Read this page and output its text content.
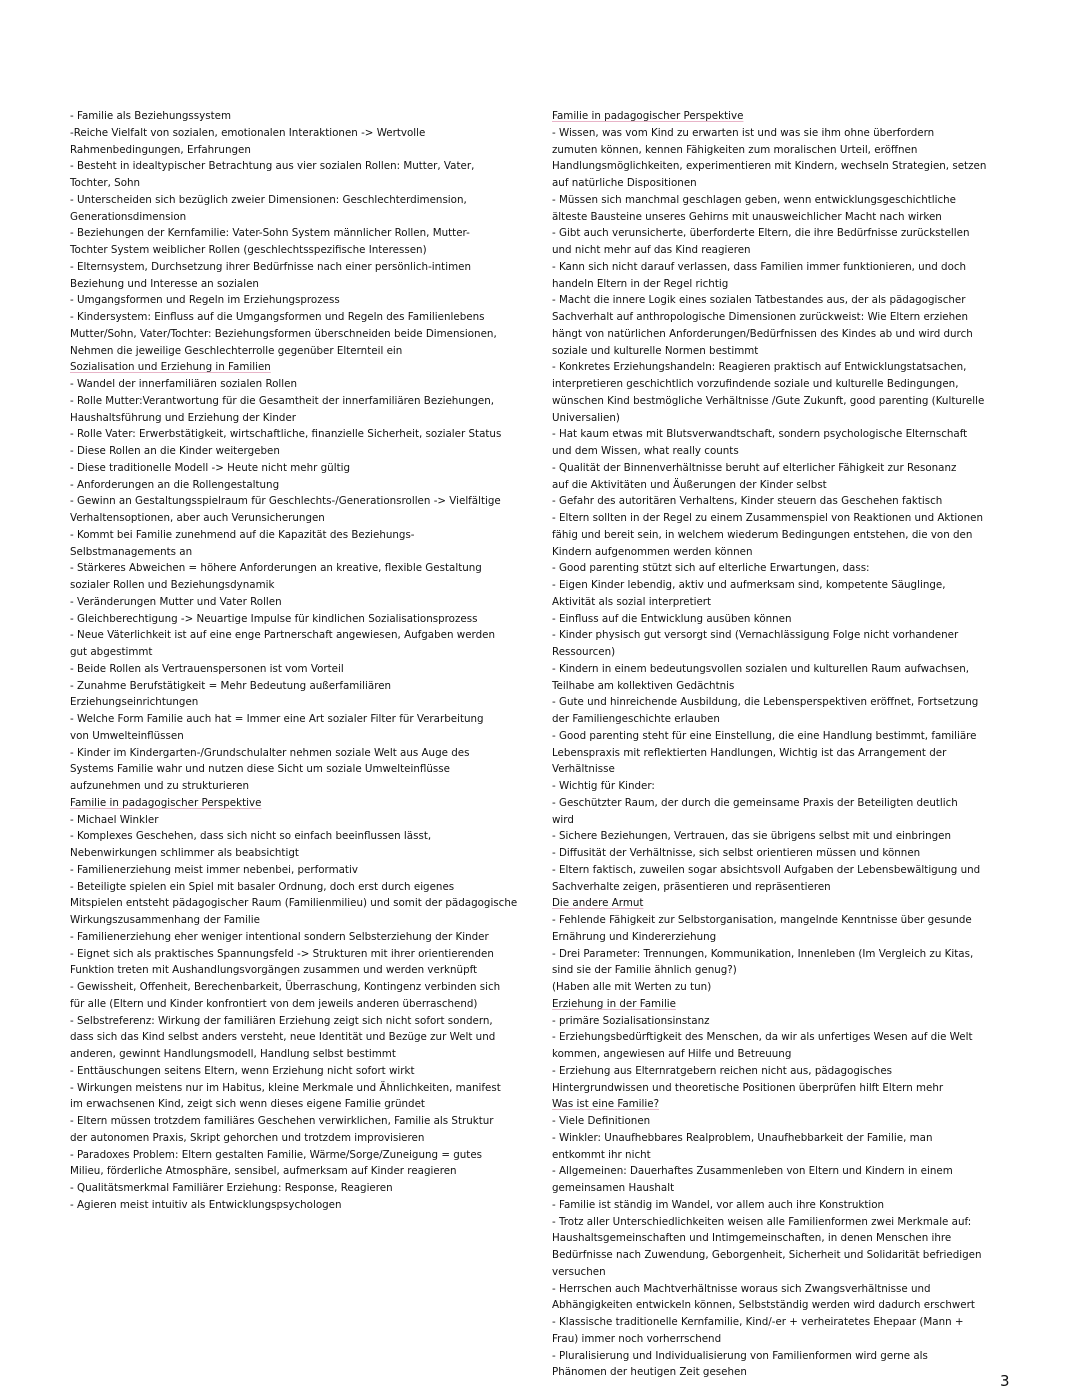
- Familie als Beziehungssystem
-Reiche Vielfalt von sozialen, emotionalen Interaktionen -> Wertvolle
Rahmenbedingungen, Erfahrungen
- Besteht in idealtypischer Betrachtung aus vier sozialen Rollen: Mutter, Vater,
Tochter, Sohn
- Unterscheiden sich bezüglich zweier Dimensionen: Geschlechterdimension,
Generationsdimension
- Beziehungen der Kernfamilie: Vater-Sohn System männlicher Rollen, Mutter-
Tochter System weiblicher Rollen (geschlechtsspezifische Interessen)
- Elternsystem, Durchsetzung ihrer Bedürfnisse nach einer persönlich-intimen
Beziehung und Interesse an sozialen
- Umgangsformen und Regeln im Erziehungsprozess
- Kindersystem: Einfluss auf die Umgangsformen und Regeln des Familienlebens
Mutter/Sohn, Vater/Tochter: Beziehungsformen überschneiden beide Dimensionen,
Nehmen die jeweilige Geschlechterrolle gegenüber Elternteil ein
Sozialisation und Erziehung in Familien
- Wandel der innerfamiliären sozialen Rollen
- Rolle Mutter:Verantwortung für die Gesamtheit der innerfamiliären Beziehungen,
Haushaltsführung und Erziehung der Kinder
- Rolle Vater: Erwerbstätigkeit, wirtschaftliche, finanzielle Sicherheit, sozialer Status
- Diese Rollen an die Kinder weitergeben
- Diese traditionelle Modell -> Heute nicht mehr gültig
- Anforderungen an die Rollengestaltung
- Gewinn an Gestaltungsspielraum für Geschlechts-/Generationsrollen -> Vielfältige
Verhaltensoptionen, aber auch Verunsicherungen
- Kommt bei Familie zunehmend auf die Kapazität des Beziehungs-
Selbstmanagements an
- Stärkeres Abweichen = höhere Anforderungen an kreative, flexible Gestaltung
sozialer Rollen und Beziehungsdynamik
- Veränderungen Mutter und Vater Rollen
- Gleichberechtigung -> Neuartige Impulse für kindlichen Sozialisationsprozess
- Neue Väterlichkeit ist auf eine enge Partnerschaft angewiesen, Aufgaben werden
gut abgestimmt
- Beide Rollen als Vertrauenspersonen ist vom Vorteil
- Zunahme Berufstätigkeit = Mehr Bedeutung außerfamiliären
Erziehungseinrichtungen
- Welche Form Familie auch hat = Immer eine Art sozialer Filter für Verarbeitung
von Umwelteinflüssen
- Kinder im Kindergarten-/Grundschulalter nehmen soziale Welt aus Auge des
Systems Familie wahr und nutzen diese Sicht um soziale Umwelteinflüsse
aufzunehmen und zu strukturieren
Familie in padagogischer Perspektive
- Michael Winkler
- Komplexes Geschehen, dass sich nicht so einfach beeinflussen lässt,
Nebenwirkungen schlimmer als beabsichtigt
- Familienerziehung meist immer nebenbei, performativ
- Beteiligte spielen ein Spiel mit basaler Ordnung, doch erst durch eigenes
Mitspielen entsteht pädagogischer Raum (Familienmilieu) und somit der pädagogische
Wirkungszusammenhang der Familie
- Familienerziehung eher weniger intentional sondern Selbsterziehung der Kinder
- Eignet sich als praktisches Spannungsfeld -> Strukturen mit ihrer orientierenden
Funktion treten mit Aushandlungsvorgängen zusammen und werden verknüpft
- Gewissheit, Offenheit, Berechenbarkeit, Überraschung, Kontingenz verbinden sich
für alle (Eltern und Kinder konfrontiert von dem jeweils anderen überraschend)
- Selbstreferenz: Wirkung der familiären Erziehung zeigt sich nicht sofort sondern,
dass sich das Kind selbst anders versteht, neue Identität und Bezüge zur Welt und
anderen, gewinnt Handlungsmodell, Handlung selbst bestimmt
- Enttäuschungen seitens Eltern, wenn Erziehung nicht sofort wirkt
- Wirkungen meistens nur im Habitus, kleine Merkmale und Ähnlichkeiten, manifest
im erwachsenen Kind, zeigt sich wenn dieses eigene Familie gründet
- Eltern müssen trotzdem familiäres Geschehen verwirklichen, Familie als Struktur
der autonomen Praxis, Skript gehorchen und trotzdem improvisieren
- Paradoxes Problem: Eltern gestalten Familie, Wärme/Sorge/Zuneigung = gutes
Milieu, förderliche Atmosphäre, sensibel, aufmerksam auf Kinder reagieren
- Qualitätsmerkmal Familiärer Erziehung: Response, Reagieren
- Agieren meist intuitiv als Entwicklungspsychologen
Familie in padagogischer Perspektive
- Wissen, was vom Kind zu erwarten ist und was sie ihm ohne überfordern
zumuten können, kennen Fähigkeiten zum moralischen Urteil, eröffnen
Handlungsmöglichkeiten, experimentieren mit Kindern, wechseln Strategien, setzen
auf natürliche Dispositionen
- Müssen sich manchmal geschlagen geben, wenn entwicklungsgeschichtliche
älteste Bausteine unseres Gehirns mit unausweichlicher Macht nach wirken
- Gibt auch verunsicherte, überforderte Eltern, die ihre Bedürfnisse zurückstellen
und nicht mehr auf das Kind reagieren
- Kann sich nicht darauf verlassen, dass Familien immer funktionieren, und doch
handeln Eltern in der Regel richtig
- Macht die innere Logik eines sozialen Tatbestandes aus, der als pädagogischer
Sachverhalt auf anthropologische Dimensionen zurückweist: Wie Eltern erziehen
hängt von natürlichen Anforderungen/Bedürfnissen des Kindes ab und wird durch
soziale und kulturelle Normen bestimmt
- Konkretes Erziehungshandeln: Reagieren praktisch auf Entwicklungstatsachen,
interpretieren geschichtlich vorzufindende soziale und kulturelle Bedingungen,
wünschen Kind bestmögliche Verhältnisse /Gute Zukunft, good parenting (Kulturelle
Universalien)
- Hat kaum etwas mit Blutsverwandtschaft, sondern psychologische Elternschaft
und dem Wissen, what really counts
- Qualität der Binnenverhältnisse beruht auf elterlicher Fähigkeit zur Resonanz
auf die Aktivitäten und Äußerungen der Kinder selbst
- Gefahr des autoritären Verhaltens, Kinder steuern das Geschehen faktisch
- Eltern sollten in der Regel zu einem Zusammenspiel von Reaktionen und Aktionen
fähig und bereit sein, in welchem wiederum Bedingungen entstehen, die von den
Kindern aufgenommen werden können
- Good parenting stützt sich auf elterliche Erwartungen, dass:
- Eigen Kinder lebendig, aktiv und aufmerksam sind, kompetente Säuglinge,
Aktivität als sozial interpretiert
- Einfluss auf die Entwicklung ausüben können
- Kinder physisch gut versorgt sind (Vernachlässigung Folge nicht vorhandener
Ressourcen)
- Kindern in einem bedeutungsvollen sozialen und kulturellen Raum aufwachsen,
Teilhabe am kollektiven Gedächtnis
- Gute und hinreichende Ausbildung, die Lebensperspektiven eröffnet, Fortsetzung
der Familiengeschichte erlauben
- Good parenting steht für eine Einstellung, die eine Handlung bestimmt, familiäre
Lebenspraxis mit reflektierten Handlungen, Wichtig ist das Arrangement der
Verhältnisse
- Wichtig für Kinder:
- Geschützter Raum, der durch die gemeinsame Praxis der Beteiligten deutlich
wird
- Sichere Beziehungen, Vertrauen, das sie übrigens selbst mit und einbringen
- Diffusität der Verhältnisse, sich selbst orientieren müssen und können
- Eltern faktisch, zuweilen sogar absichtsvoll Aufgaben der Lebensbewältigung und
Sachverhalte zeigen, präsentieren und repräsentieren
Die andere Armut
- Fehlende Fähigkeit zur Selbstorganisation, mangelnde Kenntnisse über gesunde
Ernährung und Kindererziehung
- Drei Parameter: Trennungen, Kommunikation, Innenleben (Im Vergleich zu Kitas,
sind sie der Familie ähnlich genug?)
(Haben alle mit Werten zu tun)
Erziehung in der Familie
- primäre Sozialisationsinstanz
- Erziehungsbedürftigkeit des Menschen, da wir als unfertiges Wesen auf die Welt
kommen, angewiesen auf Hilfe und Betreuung
- Erziehung aus Elternratgebern reichen nicht aus, pädagogisches
Hintergrundwissen und theoretische Positionen überprüfen hilft Eltern mehr
Was ist eine Familie?
- Viele Definitionen
- Winkler: Unaufhebbares Realproblem, Unaufhebbarkeit der Familie, man
entkommt ihr nicht
- Allgemeinen: Dauerhaftes Zusammenleben von Eltern und Kindern in einem
gemeinsamen Haushalt
- Familie ist ständig im Wandel, vor allem auch ihre Konstruktion
- Trotz aller Unterschiedlichkeiten weisen alle Familienformen zwei Merkmale auf:
Haushaltsgemeinschaften und Intimgemeinschaften, in denen Menschen ihre
Bedürfnisse nach Zuwendung, Geborgenheit, Sicherheit und Solidarität befriedigen
versuchen
- Herrschen auch Machtverhältnisse woraus sich Zwangsverhältnisse und
Abhängigkeiten entwickeln können, Selbstständig werden wird dadurch erschwert
- Klassische traditionelle Kernfamilie, Kind/-er + verheiratetes Ehepaar (Mann +
Frau) immer noch vorherrschend
- Pluralisierung und Individualisierung von Familienformen wird gerne als
Phänomen der heutigen Zeit gesehen	3
